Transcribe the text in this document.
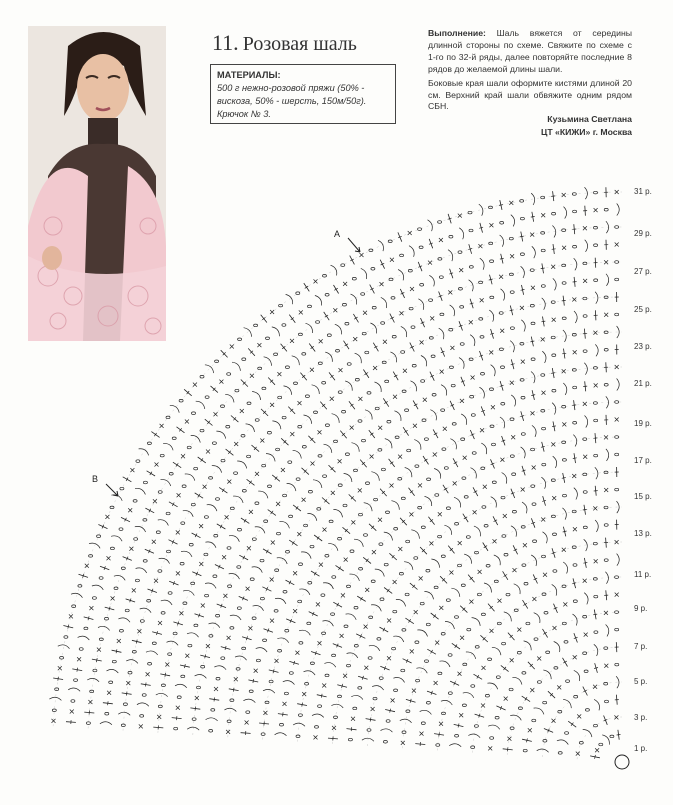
11. Розовая шаль
МАТЕРИАЛЫ:
500 г нежно-розовой пряжи (50% -
вискоза, 50% - шерсть, 150м/50г).
Крючок № 3.

Выполнение: Шаль вяжется от середины длинной стороны по схеме. Свяжите по схеме с 1-го по 32-й ряды, далее повторяйте последние 8 рядов до желаемой длины шали.

Боковые края шали оформите кистями длиной 20 см. Верхний край шали обвяжите одним рядом СБН.

Кузьмина Светлана

ЦТ «КИЖИ» г. Москва

31 р.
29 р.
27 р.
25 р.
23 р.
21 р.
19 р.
17 р.
15 р.
13 р.
11 р.
9 р.
7 р.
5 р.
3 р.
1 р.
A
B
